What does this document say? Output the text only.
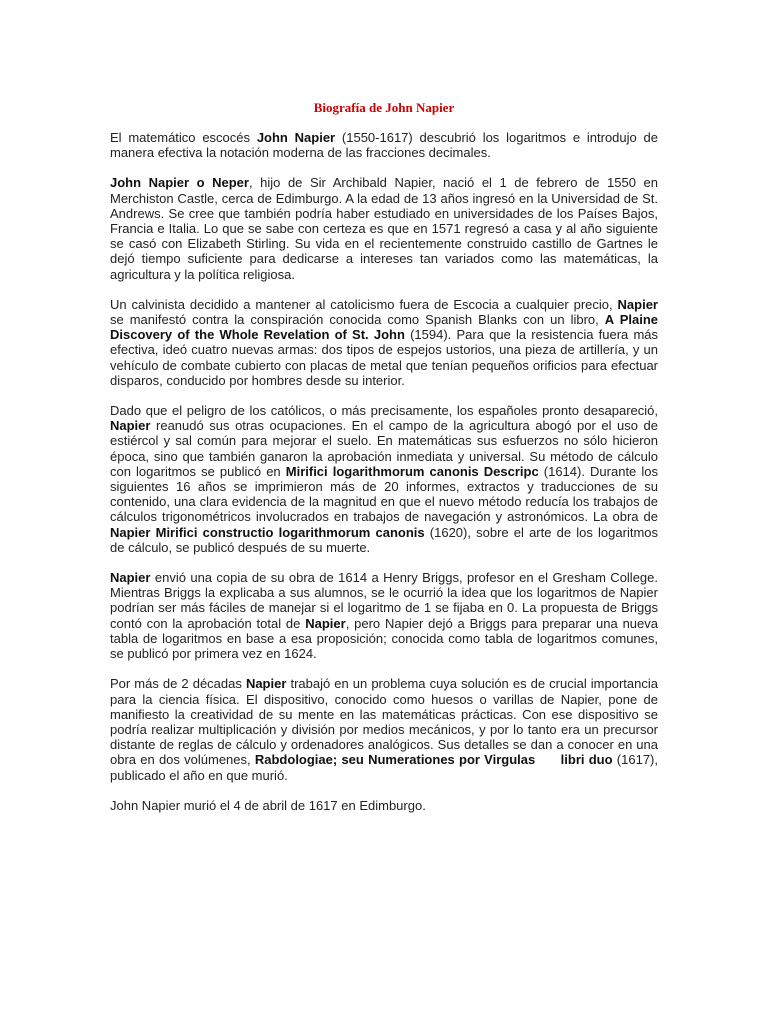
Biografía de John Napier

El matemático escocés John Napier (1550-1617) descubrió los logaritmos e introdujo de manera efectiva la notación moderna de las fracciones decimales.

John Napier o Neper, hijo de Sir Archibald Napier, nació el 1 de febrero de 1550 en Merchiston Castle, cerca de Edimburgo. A la edad de 13 años ingresó en la Universidad de St. Andrews. Se cree que también podría haber estudiado en universidades de los Países Bajos, Francia e Italia. Lo que se sabe con certeza es que en 1571 regresó a casa y al año siguiente se casó con Elizabeth Stirling. Su vida en el recientemente construido castillo de Gartnes le dejó tiempo suficiente para dedicarse a intereses tan variados como las matemáticas, la agricultura y la política religiosa.

Un calvinista decidido a mantener al catolicismo fuera de Escocia a cualquier precio, Napier se manifestó contra la conspiración conocida como Spanish Blanks con un libro, A Plaine Discovery of the Whole Revelation of St. John (1594). Para que la resistencia fuera más efectiva, ideó cuatro nuevas armas: dos tipos de espejos ustorios, una pieza de artillería, y un vehículo de combate cubierto con placas de metal que tenían pequeños orificios para efectuar disparos, conducido por hombres desde su interior.

Dado que el peligro de los católicos, o más precisamente, los españoles pronto desapareció, Napier reanudó sus otras ocupaciones. En el campo de la agricultura abogó por el uso de estiércol y sal común para mejorar el suelo. En matemáticas sus esfuerzos no sólo hicieron época, sino que también ganaron la aprobación inmediata y universal. Su método de cálculo con logaritmos se publicó en Mirifici logarithmorum canonis Descripc (1614). Durante los siguientes 16 años se imprimieron más de 20 informes, extractos y traducciones de su contenido, una clara evidencia de la magnitud en que el nuevo método reducía los trabajos de cálculos trigonométricos involucrados en trabajos de navegación y astronómicos. La obra de Napier Mirifici constructio logarithmorum canonis (1620), sobre el arte de los logaritmos de cálculo, se publicó después de su muerte.

Napier envió una copia de su obra de 1614 a Henry Briggs, profesor en el Gresham College. Mientras Briggs la explicaba a sus alumnos, se le ocurrió la idea que los logaritmos de Napier podrían ser más fáciles de manejar si el logaritmo de 1 se fijaba en 0. La propuesta de Briggs contó con la aprobación total de Napier, pero Napier dejó a Briggs para preparar una nueva tabla de logaritmos en base a esa proposición; conocida como tabla de logaritmos comunes, se publicó por primera vez en 1624.

Por más de 2 décadas Napier trabajó en un problema cuya solución es de crucial importancia para la ciencia física. El dispositivo, conocido como huesos o varillas de Napier, pone de manifiesto la creatividad de su mente en las matemáticas prácticas. Con ese dispositivo se podría realizar multiplicación y división por medios mecánicos, y por lo tanto era un precursor distante de reglas de cálculo y ordenadores analógicos. Sus detalles se dan a conocer en una obra en dos volúmenes, Rabdologiae; seu Numerationes por Virgulas      libri duo (1617), publicado el año en que murió.

John Napier murió el 4 de abril de 1617 en Edimburgo.
